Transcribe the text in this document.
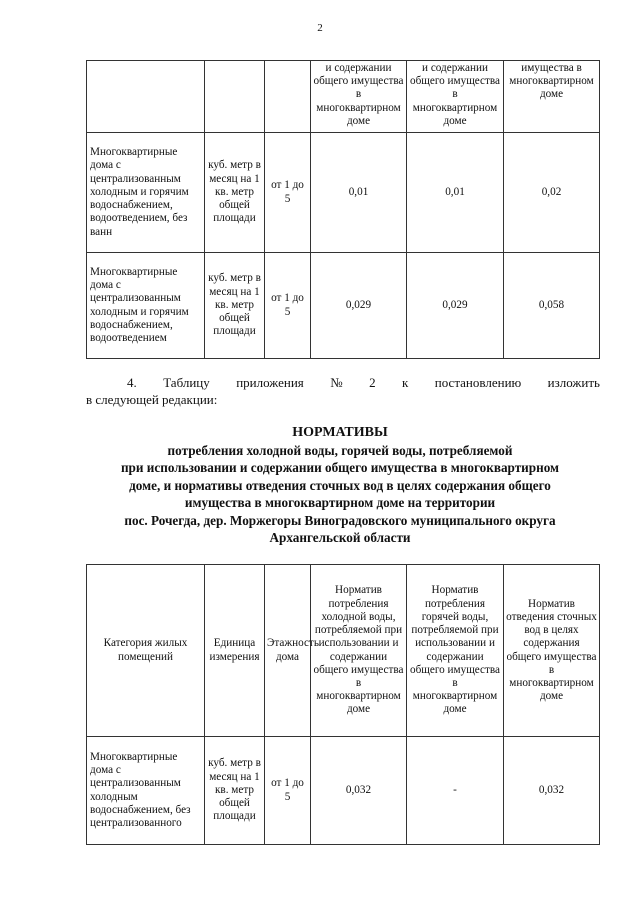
2
			и содержании общего имущества в многоквартирном доме	и содержании общего имущества в многоквартирном доме	имущества в многоквартирном доме
Многоквартирные дома с централизованным холодным и горячим водоснабжением, водоотведением, без ванн	куб. метр в месяц на 1 кв. метр общей площади	от 1 до 5	0,01	0,01	0,02
Многоквартирные дома с централизованным холодным и горячим водоснабжением, водоотведением	куб. метр в месяц на 1 кв. метр общей площади	от 1 до 5	0,029	0,029	0,058
4. Таблицу приложения № 2 к постановлению изложить
в следующей редакции:
НОРМАТИВЫ
потребления холодной воды, горячей воды, потребляемой
при использовании и содержании общего имущества в многоквартирном
доме, и нормативы отведения сточных вод в целях содержания общего
имущества в многоквартирном доме на территории
пос. Рочегда, дер. Моржегоры Виноградовского муниципального округа
Архангельской области
Категория жилых помещений	Единица измерения	Этажность дома	Норматив потребления холодной воды, потребляемой при использовании и содержании общего имущества в многоквартирном доме	Норматив потребления горячей воды, потребляемой при использовании и содержании общего имущества в многоквартирном доме	Норматив отведения сточных вод в целях содержания общего имущества в многоквартирном доме
Многоквартирные дома с централизованным холодным водоснабжением, без централизованного	куб. метр в месяц на 1 кв. метр общей площади	от 1 до 5	0,032	-	0,032
